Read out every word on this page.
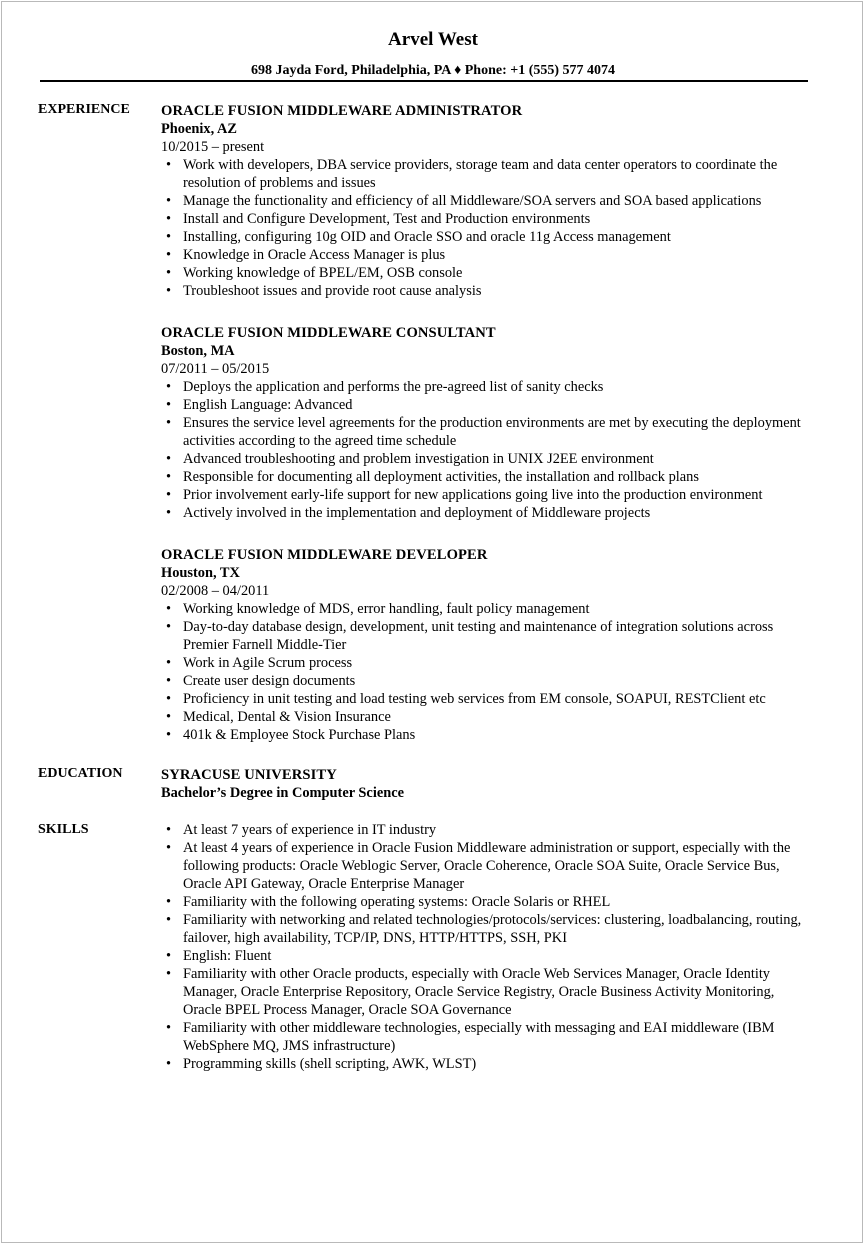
Arvel West
698 Jayda Ford, Philadelphia, PA ♦ Phone: +1 (555) 577 4074
EXPERIENCE ORACLE FUSION MIDDLEWARE ADMINISTRATOR
Phoenix, AZ
10/2015 – present
• Work with developers, DBA service providers, storage team and data center operators to coordinate the resolution of problems and issues
• Manage the functionality and efficiency of all Middleware/SOA servers and SOA based applications
• Install and Configure Development, Test and Production environments
• Installing, configuring 10g OID and Oracle SSO and oracle 11g Access management
• Knowledge in Oracle Access Manager is plus
• Working knowledge of BPEL/EM, OSB console
• Troubleshoot issues and provide root cause analysis
ORACLE FUSION MIDDLEWARE CONSULTANT
Boston, MA
07/2011 – 05/2015
• Deploys the application and performs the pre-agreed list of sanity checks
• English Language: Advanced
• Ensures the service level agreements for the production environments are met by executing the deployment activities according to the agreed time schedule
• Advanced troubleshooting and problem investigation in UNIX J2EE environment
• Responsible for documenting all deployment activities, the installation and rollback plans
• Prior involvement early-life support for new applications going live into the production environment
• Actively involved in the implementation and deployment of Middleware projects
ORACLE FUSION MIDDLEWARE DEVELOPER
Houston, TX
02/2008 – 04/2011
• Working knowledge of MDS, error handling, fault policy management
• Day-to-day database design, development, unit testing and maintenance of integration solutions across Premier Farnell Middle-Tier
• Work in Agile Scrum process
• Create user design documents
• Proficiency in unit testing and load testing web services from EM console, SOAPUI, RESTClient etc
• Medical, Dental & Vision Insurance
• 401k & Employee Stock Purchase Plans
EDUCATION	SYRACUSE UNIVERSITY
Bachelor’s Degree in Computer Science
SKILLS
•	At least 7 years of experience in IT industry
• At least 4 years of experience in Oracle Fusion Middleware administration or support, especially with the following products: Oracle Weblogic Server, Oracle Coherence, Oracle SOA Suite, Oracle Service Bus, Oracle API Gateway, Oracle Enterprise Manager
• Familiarity with the following operating systems: Oracle Solaris or RHEL
• Familiarity with networking and related technologies/protocols/services: clustering, loadbalancing, routing, failover, high availability, TCP/IP, DNS, HTTP/HTTPS, SSH, PKI
• English: Fluent
• Familiarity with other Oracle products, especially with Oracle Web Services Manager, Oracle Identity Manager, Oracle Enterprise Repository, Oracle Service Registry, Oracle Business Activity Monitoring, Oracle BPEL Process Manager, Oracle SOA Governance
• Familiarity with other middleware technologies, especially with messaging and EAI middleware (IBM WebSphere MQ, JMS infrastructure)
• Programming skills (shell scripting, AWK, WLST)
